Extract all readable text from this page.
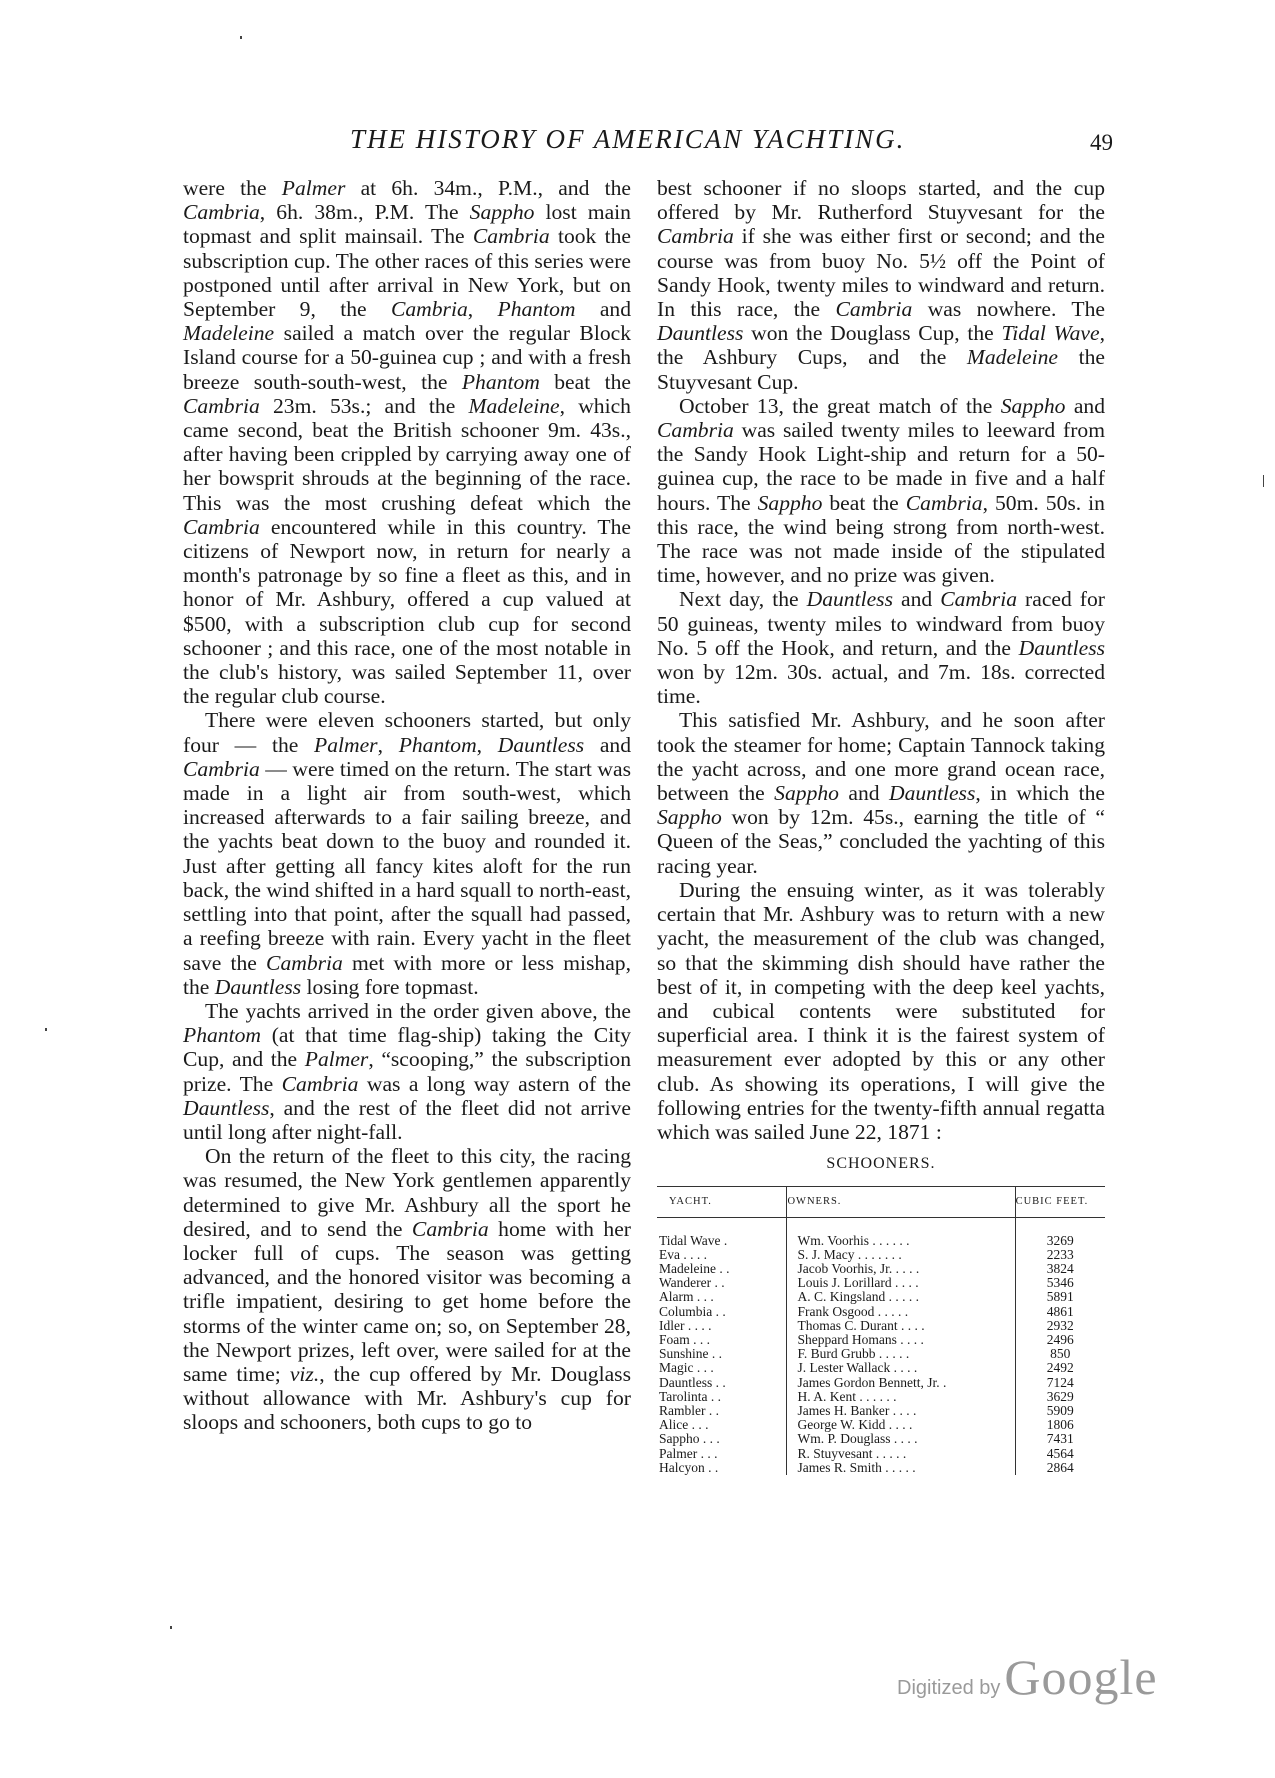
THE HISTORY OF AMERICAN YACHTING.	49

were the Palmer at 6h. 34m., P.M., and the Cambria, 6h. 38m., P.M. The Sappho lost main topmast and split mainsail. The Cambria took the subscription cup. The other races of this series were postponed until after arrival in New York, but on September 9, the Cambria, Phantom and Madeleine sailed a match over the regular Block Island course for a 50-guinea cup ; and with a fresh breeze south-south-west, the Phantom beat the Cambria 23m. 53s.; and the Madeleine, which came second, beat the British schooner 9m. 43s., after having been crippled by carrying away one of her bowsprit shrouds at the beginning of the race. This was the most crushing defeat which the Cambria encountered while in this country. The citizens of Newport now, in return for nearly a month's patronage by so fine a fleet as this, and in honor of Mr. Ashbury, offered a cup valued at $500, with a subscription club cup for second schooner ; and this race, one of the most notable in the club's history, was sailed September 11, over the regular club course.

There were eleven schooners started, but only four — the Palmer, Phantom, Dauntless and Cambria — were timed on the return. The start was made in a light air from south-west, which increased afterwards to a fair sailing breeze, and the yachts beat down to the buoy and rounded it. Just after getting all fancy kites aloft for the run back, the wind shifted in a hard squall to north-east, settling into that point, after the squall had passed, a reefing breeze with rain. Every yacht in the fleet save the Cambria met with more or less mishap, the Dauntless losing fore topmast.

The yachts arrived in the order given above, the Phantom (at that time flag-ship) taking the City Cup, and the Palmer, “scooping,” the subscription prize. The Cambria was a long way astern of the Dauntless, and the rest of the fleet did not arrive until long after night-fall.

On the return of the fleet to this city, the racing was resumed, the New York gentlemen apparently determined to give Mr. Ashbury all the sport he desired, and to send the Cambria home with her locker full of cups. The season was getting advanced, and the honored visitor was becoming a trifle impatient, desiring to get home before the storms of the winter came on; so, on September 28, the Newport prizes, left over, were sailed for at the same time; viz., the cup offered by Mr. Douglass without allowance with Mr. Ashbury's cup for sloops and schooners, both cups to go to

best schooner if no sloops started, and the cup offered by Mr. Rutherford Stuyvesant for the Cambria if she was either first or second; and the course was from buoy No. 5½ off the Point of Sandy Hook, twenty miles to windward and return. In this race, the Cambria was nowhere. The Dauntless won the Douglass Cup, the Tidal Wave, the Ashbury Cups, and the Madeleine the Stuyvesant Cup.

October 13, the great match of the Sappho and Cambria was sailed twenty miles to leeward from the Sandy Hook Light-ship and return for a 50-guinea cup, the race to be made in five and a half hours. The Sappho beat the Cambria, 50m. 50s. in this race, the wind being strong from north-west. The race was not made inside of the stipulated time, however, and no prize was given.

Next day, the Dauntless and Cambria raced for 50 guineas, twenty miles to windward from buoy No. 5 off the Hook, and return, and the Dauntless won by 12m. 30s. actual, and 7m. 18s. corrected time.

This satisfied Mr. Ashbury, and he soon after took the steamer for home; Captain Tannock taking the yacht across, and one more grand ocean race, between the Sappho and Dauntless, in which the Sappho won by 12m. 45s., earning the title of “ Queen of the Seas,” concluded the yachting of this racing year.

During the ensuing winter, as it was tolerably certain that Mr. Ashbury was to return with a new yacht, the measurement of the club was changed, so that the skimming dish should have rather the best of it, in competing with the deep keel yachts, and cubical contents were substituted for superficial area. I think it is the fairest system of measurement ever adopted by this or any other club. As showing its operations, I will give the following entries for the twenty-fifth annual regatta which was sailed June 22, 1871 :

SCHOONERS.
YACHT.	OWNERS.	CUBIC FEET.
Tidal Wave .	Wm. Voorhis . . . . . .	3269
Eva . . . .	S. J. Macy . . . . . . .	2233
Madeleine . .	Jacob Voorhis, Jr. . . . .	3824
Wanderer . .	Louis J. Lorillard . . . .	5346
Alarm . . .	A. C. Kingsland . . . . .	5891
Columbia . .	Frank Osgood . . . . .	4861
Idler . . . .	Thomas C. Durant . . . .	2932
Foam . . .	Sheppard Homans . . . .	2496
Sunshine . .	F. Burd Grubb . . . . .	850
Magic . . .	J. Lester Wallack . . . .	2492
Dauntless . .	James Gordon Bennett, Jr. .	7124
Tarolinta . .	H. A. Kent . . . . . .	3629
Rambler . .	James H. Banker . . . .	5909
Alice . . .	George W. Kidd . . . .	1806
Sappho . . .	Wm. P. Douglass . . . .	7431
Palmer . . .	R. Stuyvesant . . . . .	4564
Halcyon . .	James R. Smith . . . . .	2864
Digitized by Google
